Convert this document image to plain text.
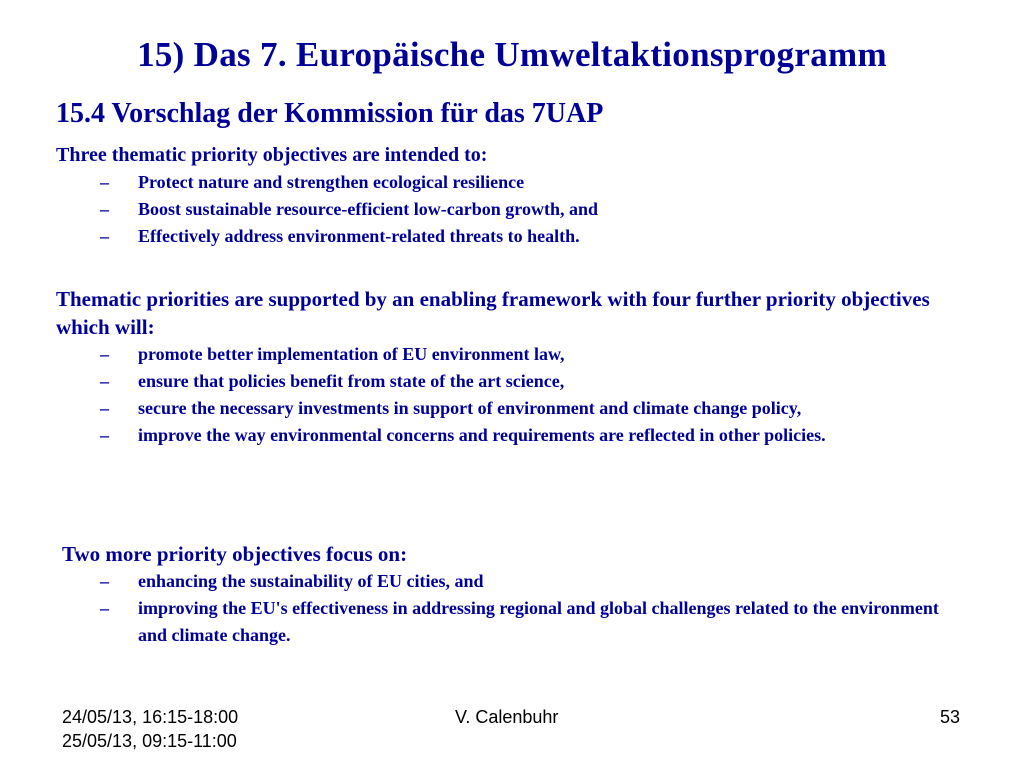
15) Das 7. Europäische Umweltaktionsprogramm
15.4 Vorschlag der Kommission für das 7UAP

Three thematic priority objectives are intended to:

– Protect nature and strengthen ecological resilience
– Boost sustainable resource-efficient low-carbon growth, and
– Effectively address environment-related threats to health.

Thematic priorities are supported by an enabling framework with four further priority objectives which will:

– promote better implementation of EU environment law,
– ensure that policies benefit from state of the art science,
– secure the necessary investments in support of environment and climate change policy,
– improve the way environmental concerns and requirements are reflected in other policies.

Two more priority objectives focus on:

– enhancing the sustainability of EU cities, and
– improving the EU's effectiveness in addressing regional and global challenges related to the environment and climate change.
24/05/13, 16:15-18:00
25/05/13, 09:15-11:00
V. Calenbuhr	53
